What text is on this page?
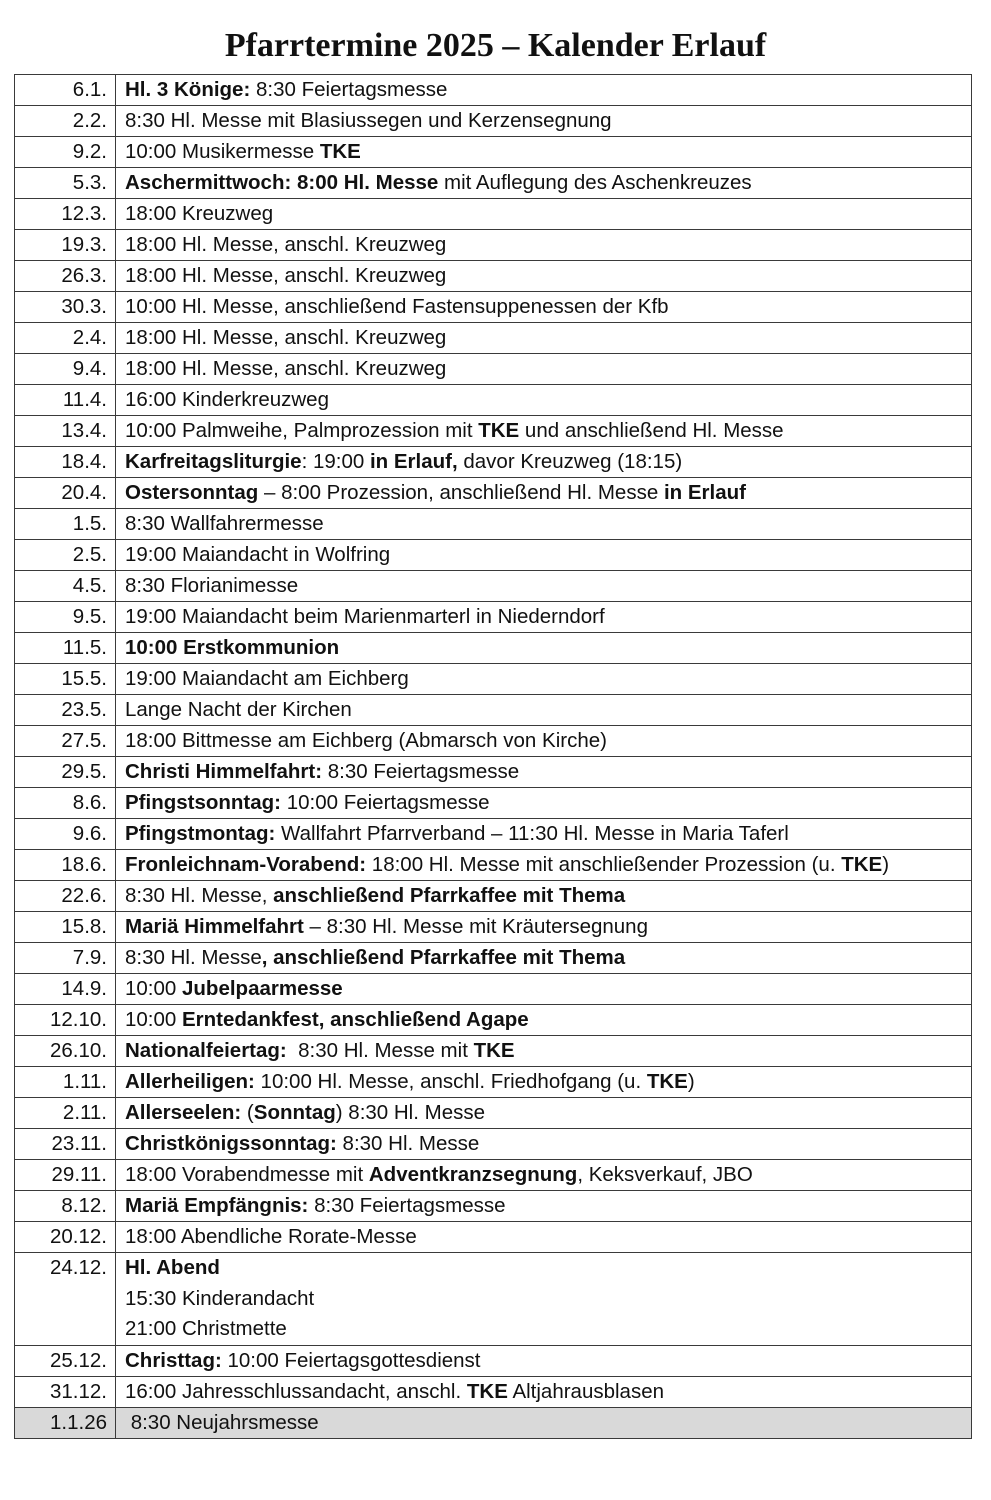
Pfarrtermine 2025 – Kalender Erlauf
6.1.	Hl. 3 Könige: 8:30 Feiertagsmesse
2.2.	8:30 Hl. Messe mit Blasiussegen und Kerzensegnung
9.2.	10:00 Musikermesse TKE
5.3.	Aschermittwoch: 8:00 Hl. Messe mit Auflegung des Aschenkreuzes
12.3.	18:00 Kreuzweg
19.3.	18:00 Hl. Messe, anschl. Kreuzweg
26.3.	18:00 Hl. Messe, anschl. Kreuzweg
30.3.	10:00 Hl. Messe, anschließend Fastensuppenessen der Kfb
2.4.	18:00 Hl. Messe, anschl. Kreuzweg
9.4.	18:00 Hl. Messe, anschl. Kreuzweg
11.4.	16:00 Kinderkreuzweg
13.4.	10:00 Palmweihe, Palmprozession mit TKE und anschließend Hl. Messe
18.4.	Karfreitagsliturgie: 19:00 in Erlauf, davor Kreuzweg (18:15)
20.4.	Ostersonntag – 8:00 Prozession, anschließend Hl. Messe in Erlauf
1.5.	8:30 Wallfahrermesse
2.5.	19:00 Maiandacht in Wolfring
4.5.	8:30 Florianimesse
9.5.	19:00 Maiandacht beim Marienmarterl in Niederndorf
11.5.	10:00 Erstkommunion
15.5.	19:00 Maiandacht am Eichberg
23.5.	Lange Nacht der Kirchen
27.5.	18:00 Bittmesse am Eichberg (Abmarsch von Kirche)
29.5.	Christi Himmelfahrt: 8:30 Feiertagsmesse
8.6.	Pfingstsonntag: 10:00 Feiertagsmesse
9.6.	Pfingstmontag: Wallfahrt Pfarrverband – 11:30 Hl. Messe in Maria Taferl
18.6.	Fronleichnam-Vorabend: 18:00 Hl. Messe mit anschließender Prozession (u. TKE)
22.6.	8:30 Hl. Messe, anschließend Pfarrkaffee mit Thema
15.8.	Mariä Himmelfahrt – 8:30 Hl. Messe mit Kräutersegnung
7.9.	8:30 Hl. Messe, anschließend Pfarrkaffee mit Thema
14.9.	10:00 Jubelpaarmesse
12.10.	10:00 Erntedankfest, anschließend Agape
26.10.	Nationalfeiertag:  8:30 Hl. Messe mit TKE
1.11.	Allerheiligen: 10:00 Hl. Messe, anschl. Friedhofgang (u. TKE)
2.11.	Allerseelen: (Sonntag) 8:30 Hl. Messe
23.11.	Christkönigssonntag: 8:30 Hl. Messe
29.11.	18:00 Vorabendmesse mit Adventkranzsegnung, Keksverkauf, JBO
8.12.	Mariä Empfängnis: 8:30 Feiertagsmesse
20.12.	18:00 Abendliche Rorate-Messe
24.12.	Hl. Abend
15:30 Kinderandacht
21:00 Christmette

25.12.	Christtag: 10:00 Feiertagsgottesdienst
31.12.	16:00 Jahresschlussandacht, anschl. TKE Altjahrausblasen
1.1.26	8:30 Neujahrsmesse
